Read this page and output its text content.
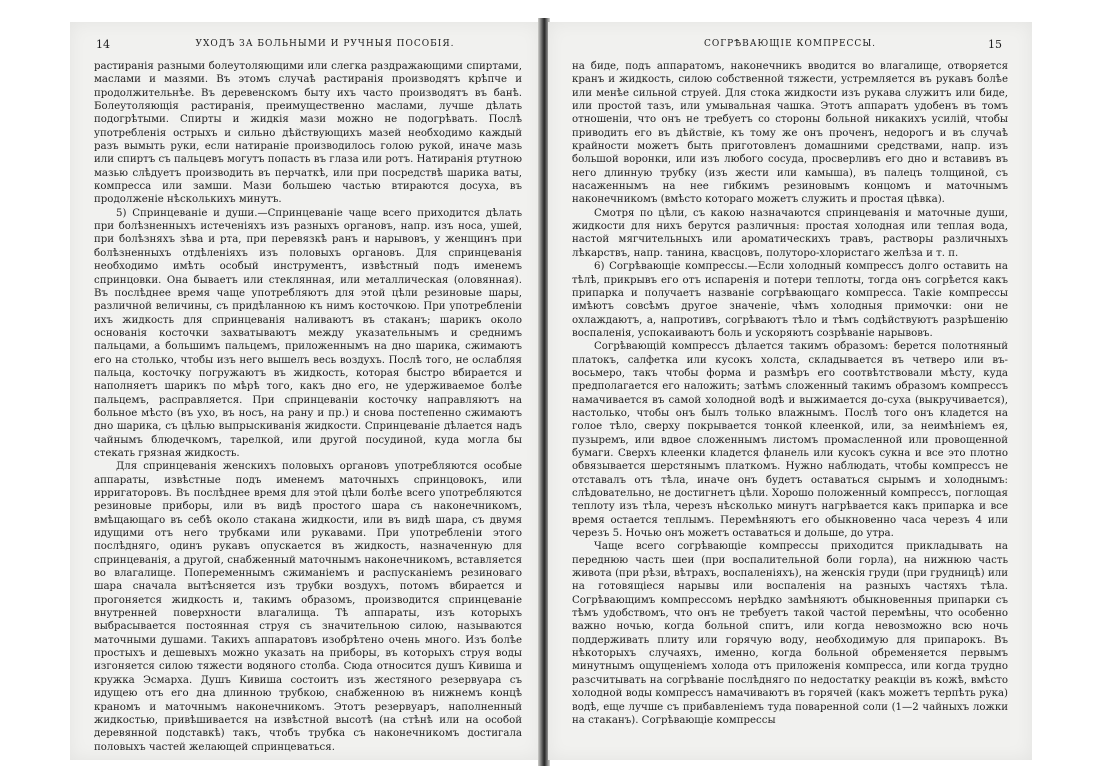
14	УХОДЪ ЗА БОЛЬНЫМИ И РУЧНЫЯ ПОСОБІЯ.

растиранія разными болеутоляющими или слегка раздражающими спиртами, маслами и мазями. Въ этомъ случаѣ растиранія производятъ крѣпче и продолжительнѣе. Въ деревенскомъ быту ихъ часто производятъ въ банѣ. Болеутоляющія растиранія, преимущественно маслами, лучше дѣлать подогрѣтыми. Спирты и жидкія мази можно не подогрѣвать. Послѣ употребленія острыхъ и сильно дѣйствующихъ мазей необходимо каждый разъ вымыть руки, если натираніе производилось голою рукой, иначе мазь или спиртъ съ пальцевъ могутъ попасть въ глаза или ротъ. Натиранія ртутною мазью слѣдуетъ производить въ перчаткѣ, или при посредствѣ шарика ваты, компресса или замши. Мази большею частью втираются досуха, въ продолженіе нѣсколькихъ минутъ.

5) Спринцеваніе и души.—Спринцеваніе чаще всего приходится дѣлать при болѣзненныхъ истеченіяхъ изъ разныхъ органовъ, напр. изъ носа, ушей, при болѣзняхъ зѣва и рта, при перевязкѣ ранъ и нарывовъ, у женщинъ при болѣзненныхъ отдѣленіяхъ изъ половыхъ органовъ. Для спринцеванія необходимо имѣть особый инструментъ, извѣстный подъ именемъ спринцовки. Она бываетъ или стеклянная, или металлическая (оловянная). Въ послѣднее время чаще употребляютъ для этой цѣли резиновые шары, различной величины, съ придѣланною къ нимъ косточкою. При употребленіи ихъ жидкость для спринцеванія наливаютъ въ стаканъ; шарикъ около основанія косточки захватываютъ между указательнымъ и среднимъ пальцами, а большимъ пальцемъ, приложеннымъ на дно шарика, сжимаютъ его на столько, чтобы изъ него вышелъ весь воздухъ. Послѣ того, не ослабляя пальца, косточку погружаютъ въ жидкость, которая быстро вбирается и наполняетъ шарикъ по мѣрѣ того, какъ дно его, не удерживаемое болѣе пальцемъ, расправляется. При спринцеваніи косточку направляютъ на больное мѣсто (въ ухо, въ носъ, на рану и пр.) и снова постепенно сжимаютъ дно шарика, съ цѣлью выпрыскиванія жидкости. Спринцеваніе дѣлается надъ чайнымъ блюдечкомъ, тарелкой, или другой посудиной, куда могла бы стекать грязная жидкость.

Для спринцеванія женскихъ половыхъ органовъ употребляются особые аппараты, извѣстные подъ именемъ маточныхъ спринцовокъ, или ирригаторовъ. Въ послѣднее время для этой цѣли болѣе всего употребляются резиновые приборы, или въ видѣ простого шара съ наконечникомъ, вмѣщающаго въ себѣ около стакана жидкости, или въ видѣ шара, съ двумя идущими отъ него трубками или рукавами. При употребленіи этого послѣдняго, одинъ рукавъ опускается въ жидкость, назначенную для спринцеванія, а другой, снабженный маточнымъ наконечникомъ, вставляется во влагалище. Попеременнымъ сжиманіемъ и распусканіемъ резиноваго шара сначала вытѣсняется изъ трубки воздухъ, потомъ вбирается и прогоняется жидкость и, такимъ образомъ, производится спринцеваніе внутренней поверхности влагалища. Тѣ аппараты, изъ которыхъ выбрасывается постоянная струя съ значительною силою, называются маточными душами. Такихъ аппаратовъ изобрѣтено очень много. Изъ болѣе простыхъ и дешевыхъ можно указать на приборы, въ которыхъ струя воды изгоняется силою тяжести водяного столба. Сюда относится душъ Кивиша и кружка Эсмарха. Душъ Кивиша состоитъ изъ жестяного резервуара съ идущею отъ его дна длинною трубкою, снабженною въ нижнемъ концѣ краномъ и маточнымъ наконечникомъ. Этотъ резервуаръ, наполненный жидкостью, привѣшивается на извѣстной высотѣ (на стѣнѣ или на особой деревянной подставкѣ) такъ, чтобъ трубка съ наконечникомъ достигала половыхъ частей желающей спринцеваться.

СОГРѢВАЮЩІЕ КОМПРЕССЫ.	15

на биде, подъ аппаратомъ, наконечникъ вводится во влагалище, отворяется кранъ и жидкость, силою собственной тяжести, устремляется въ рукавъ болѣе или менѣе сильной струей. Для стока жидкости изъ рукава служитъ или биде, или простой тазъ, или умывальная чашка. Этотъ аппаратъ удобенъ въ томъ отношеніи, что онъ не требуетъ со стороны больной никакихъ усилій, чтобы приводить его въ дѣйствіе, къ тому же онъ проченъ, недорогъ и въ случаѣ крайности можетъ быть приготовленъ домашними средствами, напр. изъ большой воронки, или изъ любого сосуда, просверливъ его дно и вставивъ въ него длинную трубку (изъ жести или камыша), въ палецъ толщиной, съ насаженнымъ на нее гибкимъ резиновымъ концомъ и маточнымъ наконечникомъ (вмѣсто котораго можетъ служить и простая цѣвка).

Смотря по цѣли, съ какою назначаются спринцеванія и маточные души, жидкости для нихъ берутся различныя: простая холодная или теплая вода, настой мягчительныхъ или ароматическихъ травъ, растворы различныхъ лѣкарствъ, напр. танина, квасцовъ, полуторо-хлористаго желѣза и т. п.

6) Согрѣвающіе компрессы.—Если холодный компрессъ долго оставить на тѣлѣ, прикрывъ его отъ испаренія и потери теплоты, тогда онъ согрѣется какъ припарка и получаетъ названіе согрѣвающаго компресса. Такіе компрессы имѣютъ совсѣмъ другое значеніе, чѣмъ холодныя примочки: они не охлаждаютъ, а, напротивъ, согрѣваютъ тѣло и тѣмъ содѣйствуютъ разрѣшенію воспаленія, успокаиваютъ боль и ускоряютъ созрѣваніе нарывовъ.

Согрѣвающій компрессъ дѣлается такимъ образомъ: берется полотняный платокъ, салфетка или кусокъ холста, складывается въ четверо или въ-восьмеро, такъ чтобы форма и размѣръ его соотвѣтствовали мѣсту, куда предполагается его наложить; затѣмъ сложенный такимъ образомъ компрессъ намачивается въ самой холодной водѣ и выжимается до-суха (выкручивается), настолько, чтобы онъ былъ только влажнымъ. Послѣ того онъ кладется на голое тѣло, сверху покрывается тонкой клеенкой, или, за неимѣніемъ ея, пузыремъ, или вдвое сложеннымъ листомъ промасленной или провощенной бумаги. Сверхъ клеенки кладется фланель или кусокъ сукна и все это плотно обвязывается шерстянымъ платкомъ. Нужно наблюдать, чтобы компрессъ не отставалъ отъ тѣла, иначе онъ будетъ оставаться сырымъ и холоднымъ: слѣдовательно, не достигнетъ цѣли. Хорошо положенный компрессъ, поглощая теплоту изъ тѣла, черезъ нѣсколько минутъ нагрѣвается какъ припарка и все время остается теплымъ. Перемѣняютъ его обыкновенно часа черезъ 4 или черезъ 5. Ночью онъ можетъ оставаться и дольше, до утра.

Чаще всего согрѣвающіе компрессы приходится прикладывать на переднюю часть шеи (при воспалительной боли горла), на нижнюю часть живота (при рѣзи, вѣтрахъ, воспаленіяхъ), на женскія груди (при грудницѣ) или на готовящіеся нарывы или воспаленія на разныхъ частяхъ тѣла. Согрѣвающимъ компрессомъ нерѣдко замѣняютъ обыкновенныя припарки съ тѣмъ удобствомъ, что онъ не требуетъ такой частой перемѣны, что особенно важно ночью, когда больной спитъ, или когда невозможно всю ночь поддерживать плиту или горячую воду, необходимую для припарокъ. Въ нѣкоторыхъ случаяхъ, именно, когда больной обременяется первымъ минутнымъ ощущеніемъ холода отъ приложенія компресса, или когда трудно разсчитывать на согрѣваніе послѣдняго по недостатку реакціи въ кожѣ, вмѣсто холодной воды компрессъ намачиваютъ въ горячей (какъ можетъ терпѣть рука) водѣ, еще лучше съ прибавленіемъ туда поваренной соли (1—2 чайныхъ ложки на стаканъ). Согрѣвающіе компрессы
